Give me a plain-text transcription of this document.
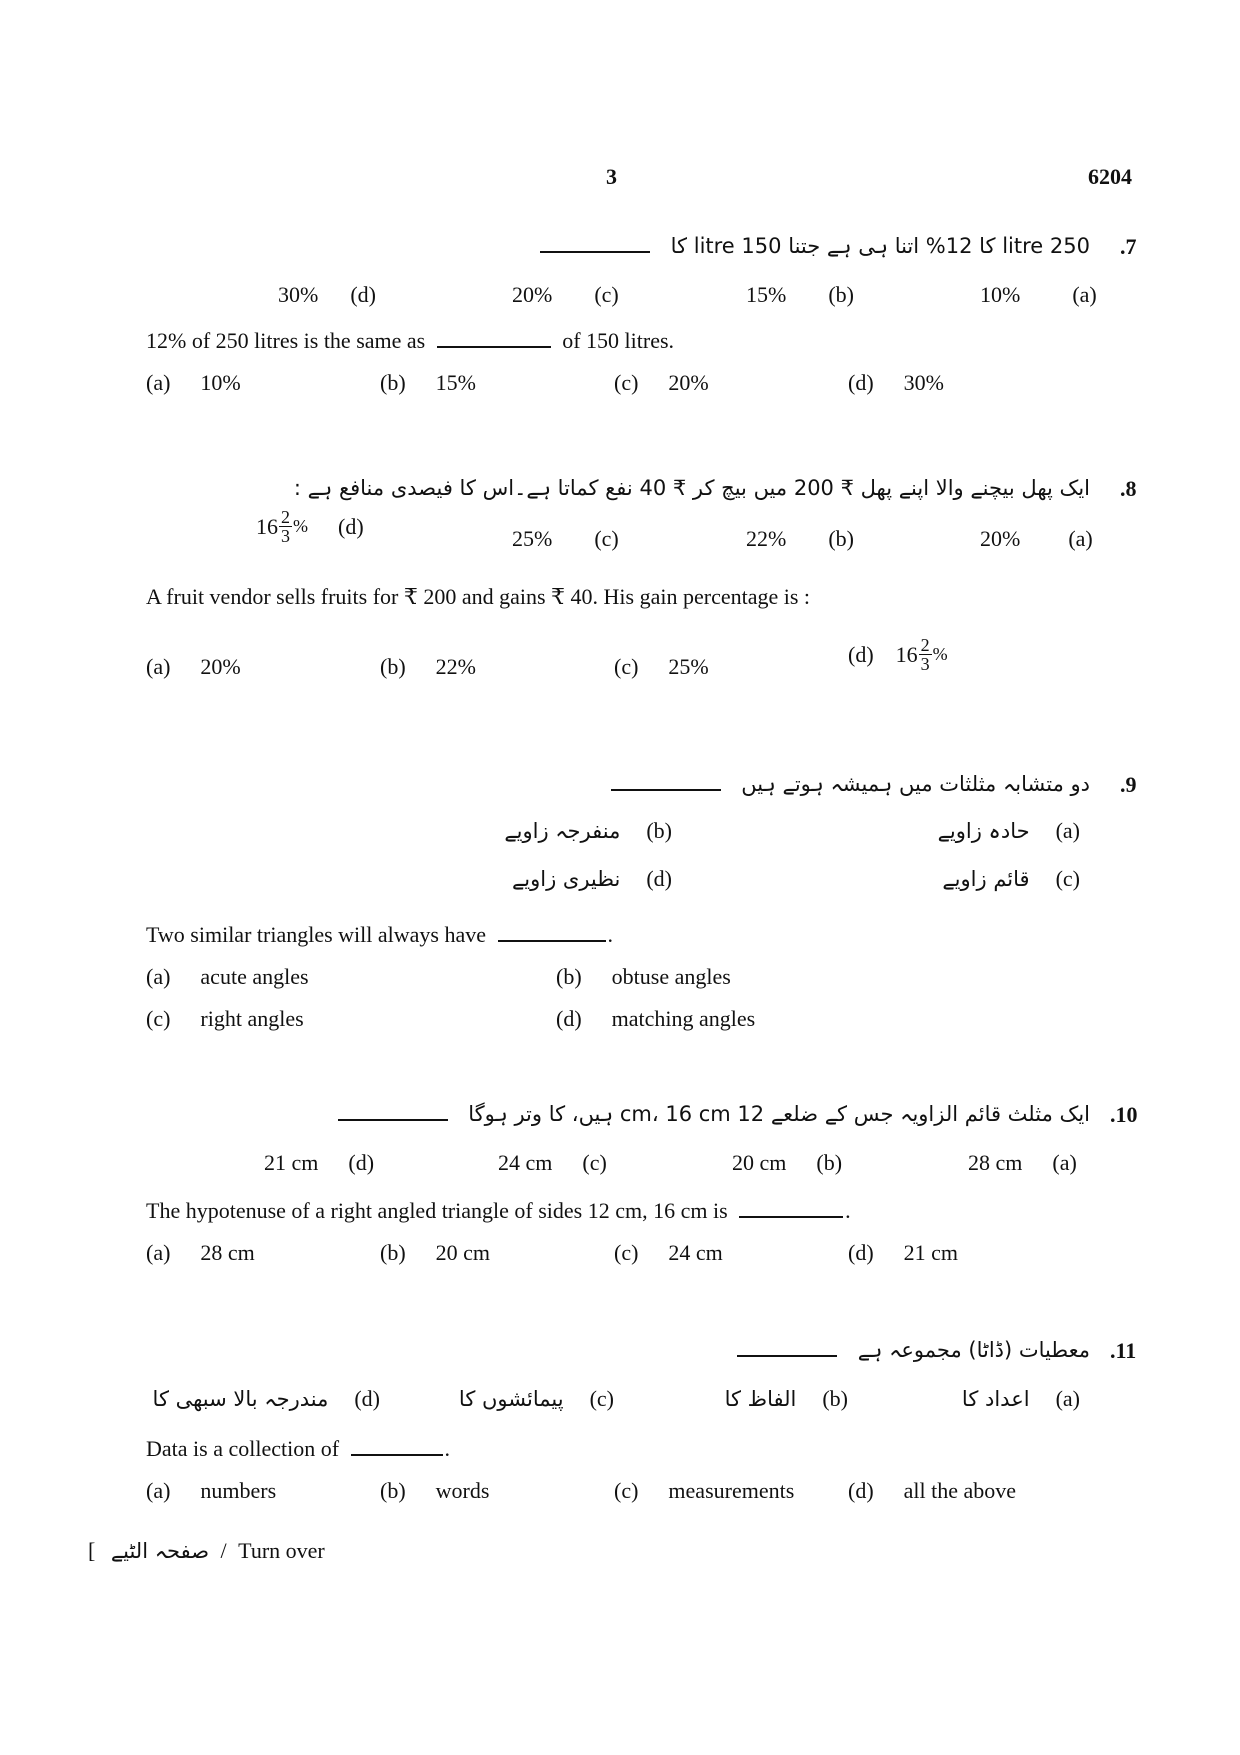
3	6204
.7
250 litre کا 12% اتنا ہی ہے جتنا 150 litre کا
10% (a)
15% (b)
20% (c)
30% (d)
12% of 250 litres is the same as	of 150 litres.
(a) 10%	(b) 15%	(c) 20%	(d) 30%
.8
ایک پھل بیچنے والا اپنے پھل ₹ 200 میں بیچ کر ₹ 40 نفع کماتا ہے۔اس کا فیصدی منافع ہے :
20% (a)
22% (b)
25% (c)
$16 \frac{2}{3}$ % (d)
A fruit vendor sells fruits for ₹ 200 and gains ₹ 40. His gain percentage is :
(a) 20%	(b) 22%	(c) 25%	(d) $16 \frac{2}{3}$ %
.9
دو متشابہ مثلثات میں ہمیشہ ہوتے ہیں
(a)حادہ زاویے
(b)منفرجہ زاویے
(c)قائم زاویے
(d)نظیری زاویے
Two similar triangles will always have	.
(a) acute angles	(b) obtuse angles
(c) right angles	(d) matching angles
.10
ایک مثلث قائم الزاویہ جس کے ضلعے 12 cm، 16 cm ہیں، کا وتر ہوگا
28 cm (a)
20 cm (b)
24 cm (c)
21 cm (d)
The hypotenuse of a right angled triangle of sides 12 cm, 16 cm is	.
(a) 28 cm	(b) 20 cm	(c) 24 cm	(d) 21 cm
.11
معطیات (ڈاٹا) مجموعہ ہے
(a)اعداد کا
(b)الفاظ کا
(c)پیمائشوں کا
(d)مندرجہ بالا سبھی کا
Data is a collection of	.
(a) numbers	(b) words	(c) measurements (d) all the above
[ صفحہ الٹیے / Turn over
